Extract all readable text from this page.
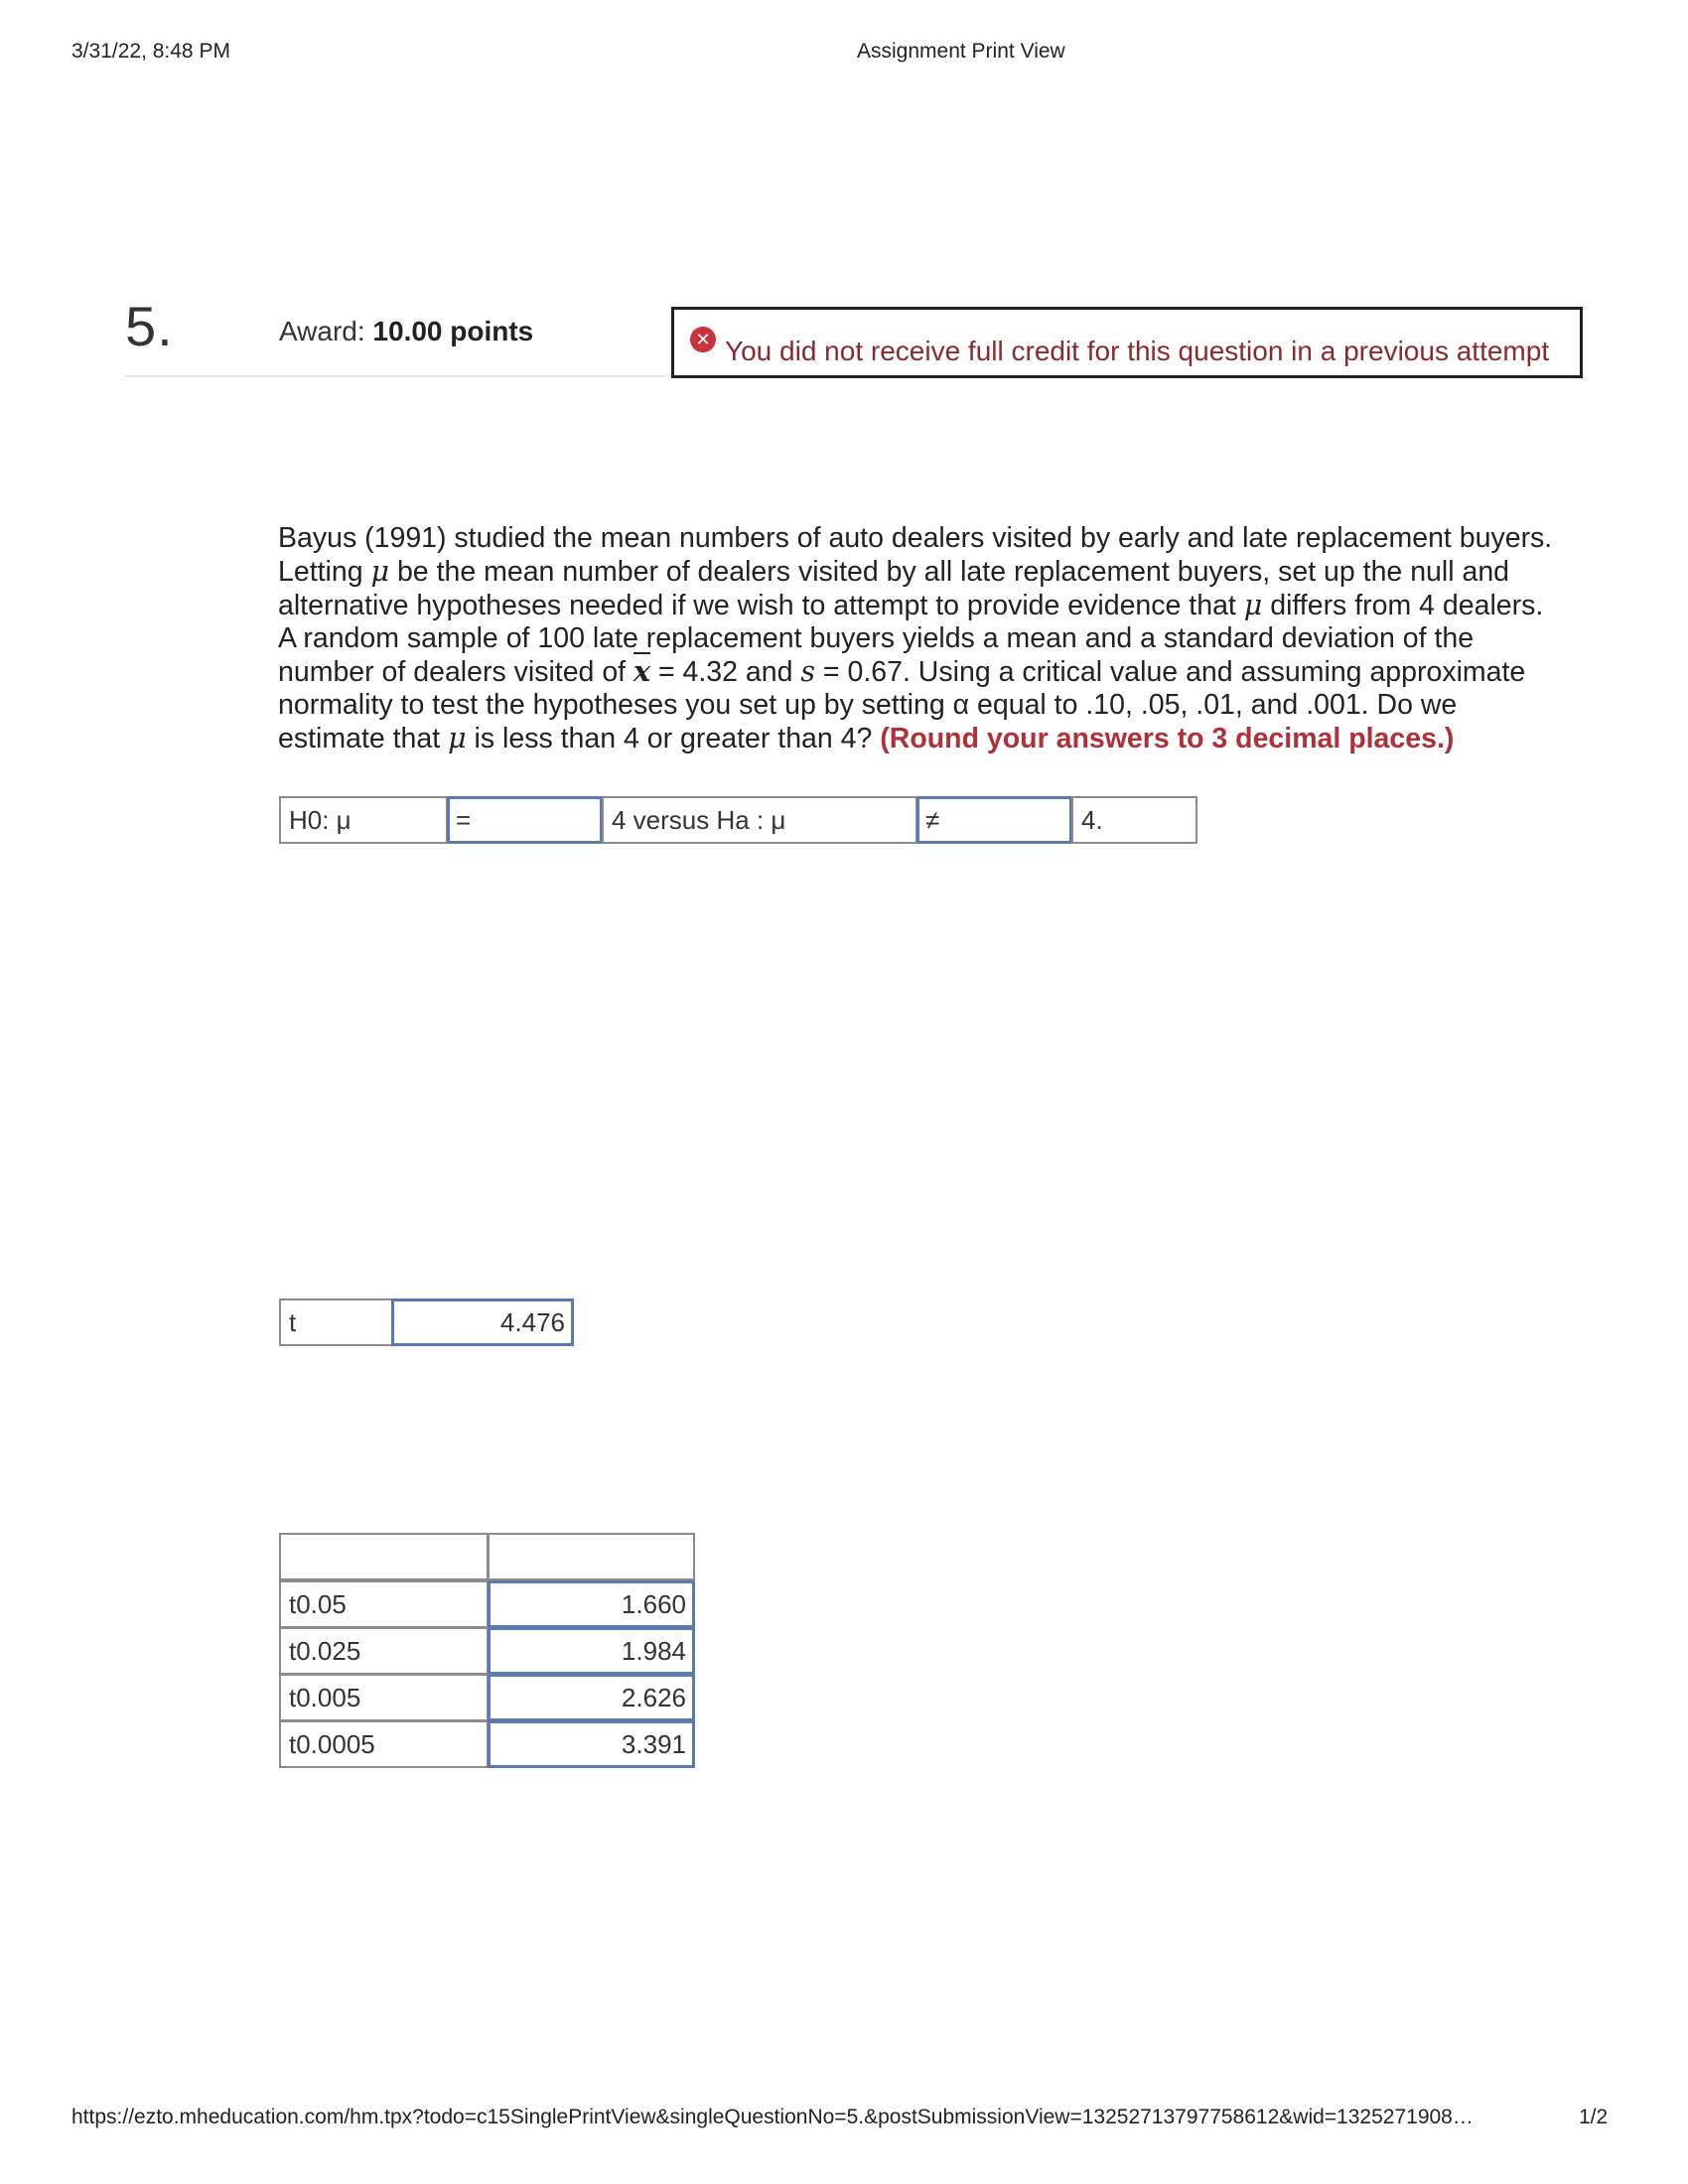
3/31/22, 8:48 PM	Assignment Print View
5.	Award: 10.00 points	✕ You did not receive full credit for this question in a previous attempt

Bayus (1991) studied the mean numbers of auto dealers visited by early and late replacement buyers.

Letting μ be the mean number of dealers visited by all late replacement buyers, set up the null and

alternative hypotheses needed if we wish to attempt to provide evidence that μ differs from 4 dealers.

A random sample of 100 late replacement buyers yields a mean and a standard deviation of the

number of dealers visited of $\overline{x} = 4.32$ and s = 0.67. Using a critical value and assuming approximate

normality to test the hypotheses you set up by setting α equal to .10, .05, .01, and .001. Do we

estimate that μ is less than 4 or greater than 4? (Round your answers to 3 decimal places.)

H0: μ	=	4 versus Ha : μ	≠	4.
t	4.476
t0.05	1.660
t0.025	1.984
t0.005	2.626
t0.0005	3.391
https://ezto.mheducation.com/hm.tpx?todo=c15SinglePrintView&singleQuestionNo=5.&postSubmissionView=13252713797758612&wid=1325271908…	1/2
